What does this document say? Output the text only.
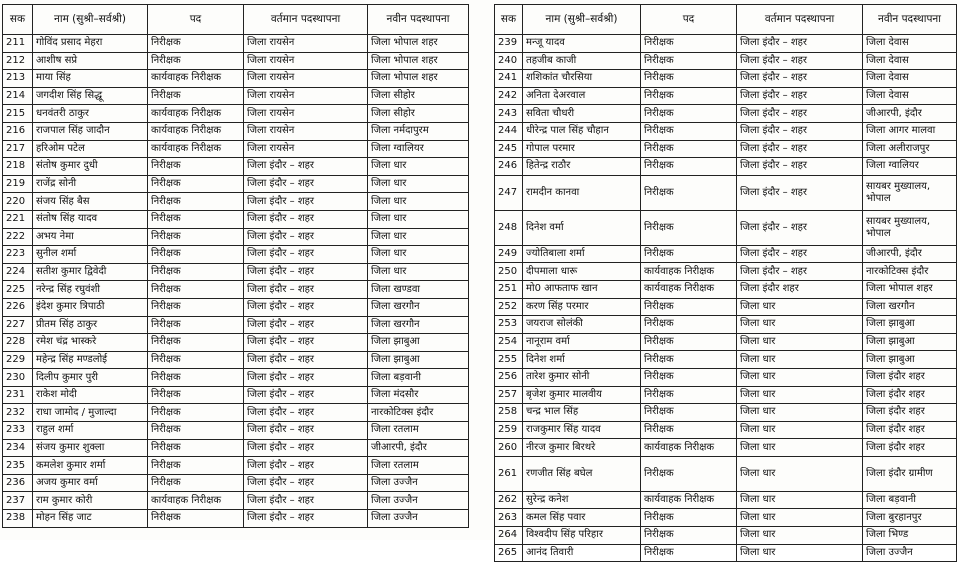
सक	नाम (सुश्री–सर्वश्री)	पद	वर्तमान पदस्थापना	नवीन पदस्थापना
211	गोविंद प्रसाद मेहरा	निरीक्षक	जिला रायसेन	जिला भोपाल शहर
212	आशीष सप्रे	निरीक्षक	जिला रायसेन	जिला भोपाल शहर
213	माया सिंह	कार्यवाहक निरीक्षक	जिला रायसेन	जिला भोपाल शहर
214	जगदीश सिंह सिद्धू	निरीक्षक	जिला रायसेन	जिला सीहोर
215	धनवंतरी ठाकुर	कार्यवाहक निरीक्षक	जिला रायसेन	जिला सीहोर
216	राजपाल सिंह जादौन	कार्यवाहक निरीक्षक	जिला रायसेन	जिला नर्मदापुरम
217	हरिओम पटेल	कार्यवाहक निरीक्षक	जिला रायसेन	जिला ग्वालियर
218	संतोष कुमार दुधी	निरीक्षक	जिला इंदौर – शहर	जिला धार
219	राजेंद्र सोनी	निरीक्षक	जिला इंदौर – शहर	जिला धार
220	संजय सिंह बैस	निरीक्षक	जिला इंदौर – शहर	जिला धार
221	संतोष सिंह यादव	निरीक्षक	जिला इंदौर – शहर	जिला धार
222	अभय नेमा	निरीक्षक	जिला इंदौर – शहर	जिला धार
223	सुनील शर्मा	निरीक्षक	जिला इंदौर – शहर	जिला धार
224	सतीश कुमार द्विवेदी	निरीक्षक	जिला इंदौर – शहर	जिला धार
225	नरेन्द्र सिंह रघुवंशी	निरीक्षक	जिला इंदौर – शहर	जिला खण्डवा
226	इंदेश कुमार त्रिपाठी	निरीक्षक	जिला इंदौर – शहर	जिला खरगौन
227	प्रीतम सिंह ठाकुर	निरीक्षक	जिला इंदौर – शहर	जिला खरगौन
228	रमेश चंद्र भास्करे	निरीक्षक	जिला इंदौर – शहर	जिला झाबुआ
229	महेन्द्र सिंह मण्डलोई	निरीक्षक	जिला इंदौर – शहर	जिला झाबुआ
230	दिलीप कुमार पुरी	निरीक्षक	जिला इंदौर – शहर	जिला बड़वानी
231	राकेश मोदी	निरीक्षक	जिला इंदौर – शहर	जिला मंदसौर
232	राधा जामोद / मुजाल्दा	निरीक्षक	जिला इंदौर – शहर	नारकोटिक्स इंदौर
233	राहुल शर्मा	निरीक्षक	जिला इंदौर – शहर	जिला रतलाम
234	संजय कुमार शुक्ला	निरीक्षक	जिला इंदौर – शहर	जीआरपी, इंदौर
235	कमलेश कुमार शर्मा	निरीक्षक	जिला इंदौर – शहर	जिला रतलाम
236	अजय कुमार वर्मा	निरीक्षक	जिला इंदौर – शहर	जिला उज्जैन
237	राम कुमार कोरी	कार्यवाहक निरीक्षक	जिला इंदौर – शहर	जिला उज्जैन
238	मोहन सिंह जाट	निरीक्षक	जिला इंदौर – शहर	जिला उज्जैन
सक	नाम (सुश्री–सर्वश्री)	पद	वर्तमान पदस्थापना	नवीन पदस्थापना
239	मन्जू यादव	निरीक्षक	जिला इंदौर – शहर	जिला देवास
240	तहजीब काजी	निरीक्षक	जिला इंदौर – शहर	जिला देवास
241	शशिकांत चौरसिया	निरीक्षक	जिला इंदौर – शहर	जिला देवास
242	अनिता देअरवाल	निरीक्षक	जिला इंदौर – शहर	जिला देवास
243	सविता चौधरी	निरीक्षक	जिला इंदौर – शहर	जीआरपी, इंदौर
244	धीरेन्द्र पाल सिंह चौहान	निरीक्षक	जिला इंदौर – शहर	जिला आगर मालवा
245	गोपाल परमार	निरीक्षक	जिला इंदौर – शहर	जिला अलीराजपुर
246	हितेन्द्र राठौर	निरीक्षक	जिला इंदौर – शहर	जिला ग्वालियर
247	रामदीन कानवा	निरीक्षक	जिला इंदौर – शहर	सायबर मुख्यालय, भोपाल
248	दिनेश वर्मा	निरीक्षक	जिला इंदौर – शहर	सायबर मुख्यालय, भोपाल
249	ज्योतिबाला शर्मा	निरीक्षक	जिला इंदौर – शहर	जीआरपी, इंदौर
250	दीपमाला धारू	कार्यवाहक निरीक्षक	जिला इंदौर – शहर	नारकोटिक्स इंदौर
251	मो0 आफताफ खान	कार्यवाहक निरीक्षक	जिला इंदौर शहर	जिला भोपाल शहर
252	करण सिंह परमार	निरीक्षक	जिला धार	जिला खरगौन
253	जयराज सोलंकी	निरीक्षक	जिला धार	जिला झाबुआ
254	नानूराम वर्मा	निरीक्षक	जिला धार	जिला झाबुआ
255	दिनेश शर्मा	निरीक्षक	जिला धार	जिला झाबुआ
256	तारेश कुमार सोनी	निरीक्षक	जिला धार	जिला इंदौर शहर
257	बृजेश कुमार मालवीय	निरीक्षक	जिला धार	जिला इंदौर शहर
258	चन्द्र भाल सिंह	निरीक्षक	जिला धार	जिला इंदौर शहर
259	राजकुमार सिंह यादव	निरीक्षक	जिला धार	जिला इंदौर शहर
260	नीरज कुमार बिरथरे	कार्यवाहक निरीक्षक	जिला धार	जिला इंदौर शहर
261	रणजीत सिंह बघेल	निरीक्षक	जिला धार	जिला इंदौर ग्रामीण
262	सुरेन्द्र कनेश	कार्यवाहक निरीक्षक	जिला धार	जिला बड़वानी
263	कमल सिंह पवार	निरीक्षक	जिला धार	जिला बुरहानपुर
264	विश्वदीप सिंह परिहार	निरीक्षक	जिला धार	जिला भिण्ड
265	आनंद तिवारी	निरीक्षक	जिला धार	जिला उज्जैन
